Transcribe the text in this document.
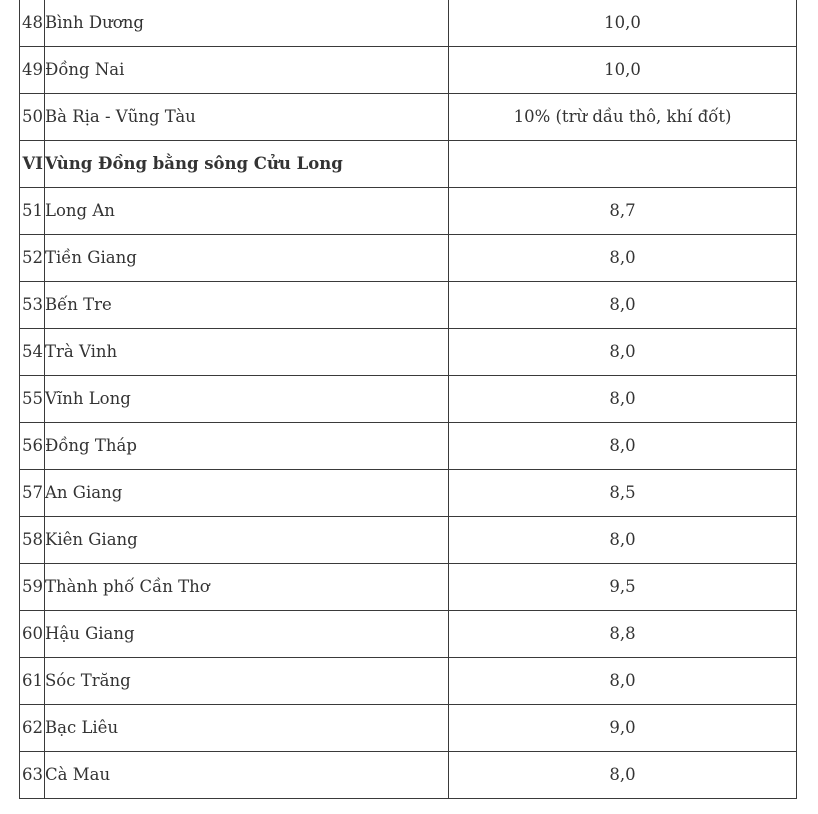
48	Bình Dương	10,0
49	Đồng Nai	10,0
50	Bà Rịa - Vũng Tàu	10% (trừ dầu thô, khí đốt)
VI	Vùng Đồng bằng sông Cửu Long	
51	Long An	8,7
52	Tiền Giang	8,0
53	Bến Tre	8,0
54	Trà Vinh	8,0
55	Vĩnh Long	8,0
56	Đồng Tháp	8,0
57	An Giang	8,5
58	Kiên Giang	8,0
59	Thành phố Cần Thơ	9,5
60	Hậu Giang	8,8
61	Sóc Trăng	8,0
62	Bạc Liêu	9,0
63	Cà Mau	8,0
